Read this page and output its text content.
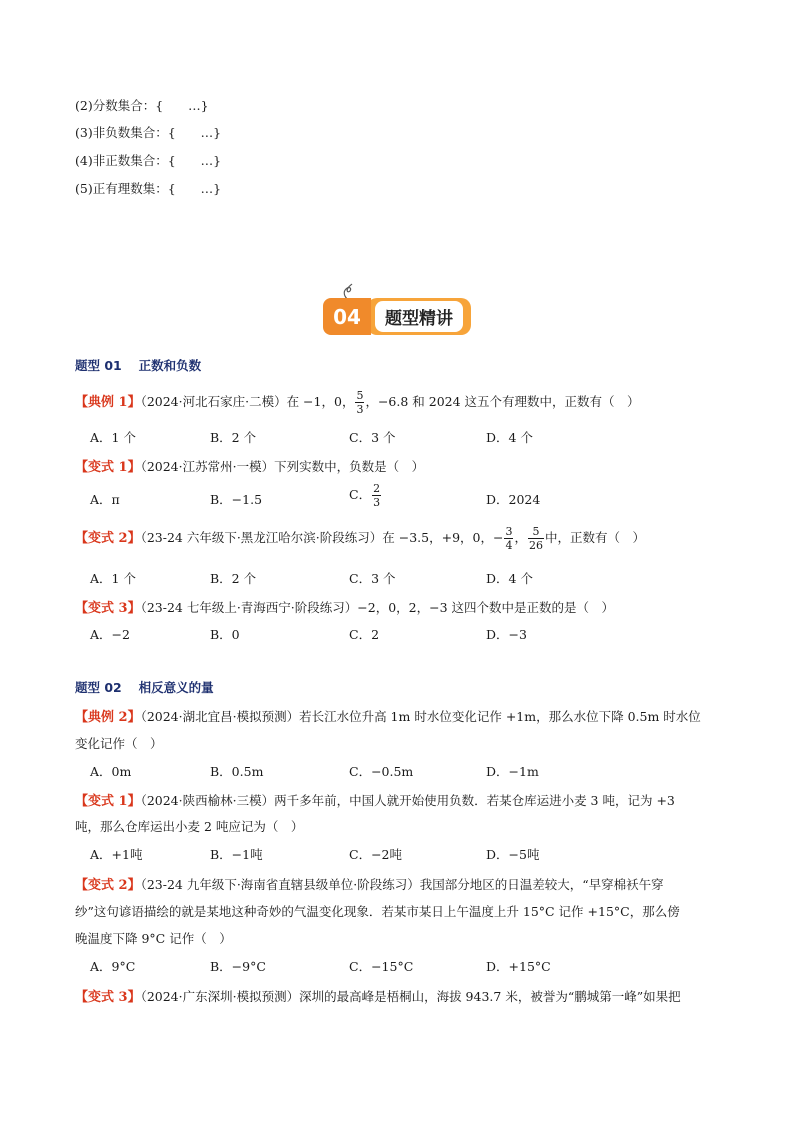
(2)分数集合：{　　…}
(3)非负数集合：{　　…}
(4)非正数集合：{　　…}
(5)正有理数集：{　　…}
题型精讲
04
题型 01　 正数和负数
【典例 1】（2024·河北石家庄·二模）在 −1，0， $\frac{5}{3}$ ，−6.8 和 2024 这五个有理数中，正数有（　）
A．1 个	B．2 个	C．3 个	D．4 个
【变式 1】（2024·江苏常州·一模）下列实数中，负数是（　）
A．π	B．−1.5	C． $\frac{2}{3}$	D．2024
【变式 2】（23-24 六年级下·黑龙江哈尔滨·阶段练习）在 −3.5，+9，0，− $\frac{3}{4}$ ， $\frac{5}{26}$ 中，正数有（　）
A．1 个	B．2 个	C．3 个	D．4 个
【变式 3】（23-24 七年级上·青海西宁·阶段练习）−2，0，2，−3 这四个数中是正数的是（　）
A．−2	B．0	C．2	D．−3
题型 02　 相反意义的量
【典例 2】（2024·湖北宜昌·模拟预测）若长江水位升高 1m 时水位变化记作 +1m，那么水位下降 0.5m 时水位
变化记作（　）
A．0m	B．0.5m	C．−0.5m	D．−1m
【变式 1】（2024·陕西榆林·三模）两千多年前，中国人就开始使用负数．若某仓库运进小麦 3 吨，记为 +3
吨，那么仓库运出小麦 2 吨应记为（　）
A．+1吨	B．−1吨	C．−2吨	D．−5吨
【变式 2】（23-24 九年级下·海南省直辖县级单位·阶段练习）我国部分地区的日温差较大，“早穿棉袄午穿
纱”这句谚语描绘的就是某地这种奇妙的气温变化现象．若某市某日上午温度上升 15°C 记作 +15°C，那么傍
晚温度下降 9°C 记作（　）
A．9°C	B．−9°C	C．−15°C	D．+15°C
【变式 3】（2024·广东深圳·模拟预测）深圳的最高峰是梧桐山，海拔 943.7 米，被誉为“鹏城第一峰”如果把
